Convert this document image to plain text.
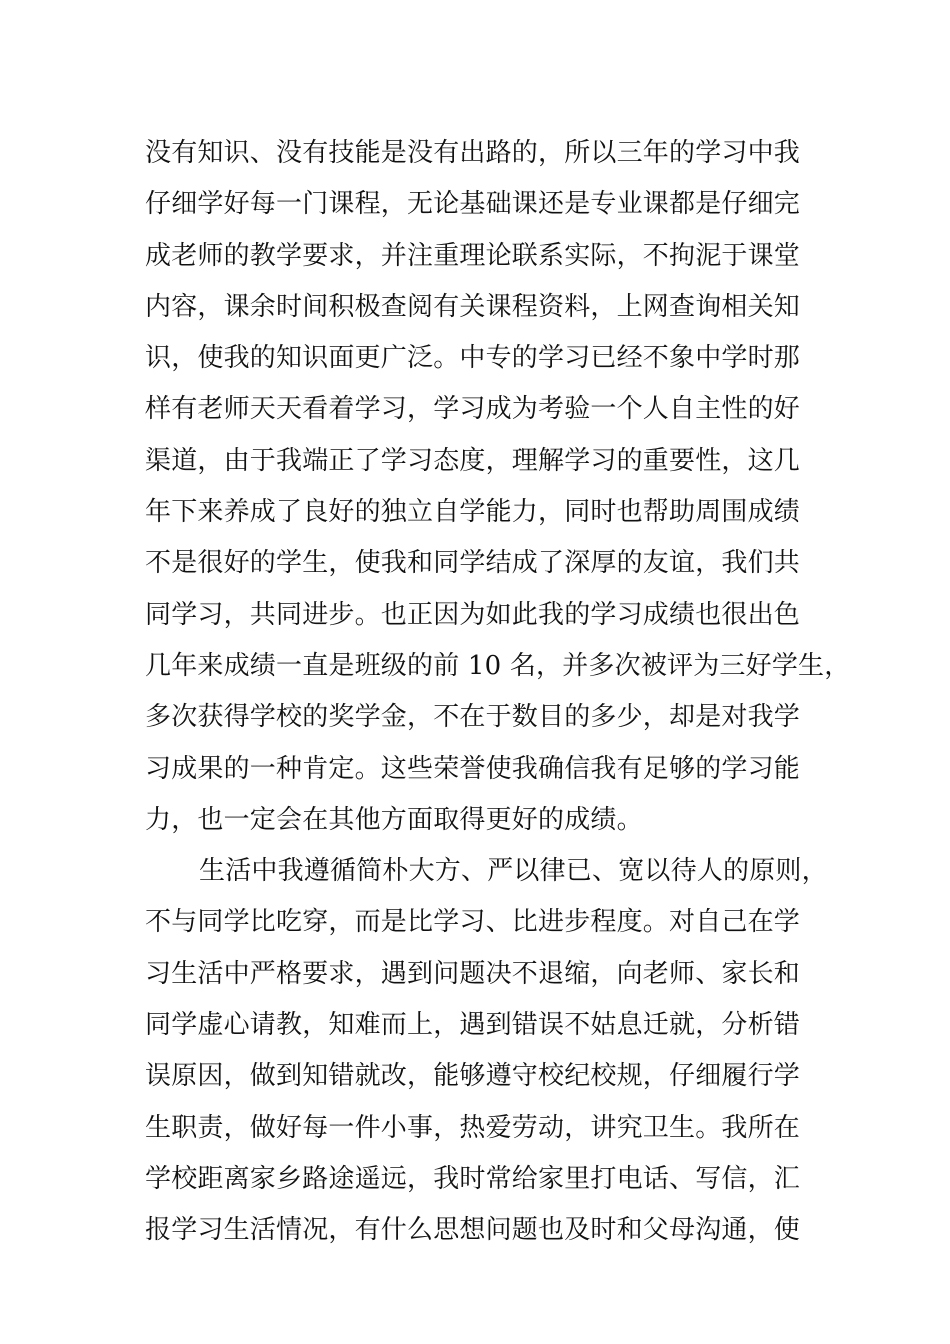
没有知识、没有技能是没有出路的，所以三年的学习中我
仔细学好每一门课程，无论基础课还是专业课都是仔细完
成老师的教学要求，并注重理论联系实际，不拘泥于课堂
内容，课余时间积极查阅有关课程资料，上网查询相关知
识，使我的知识面更广泛。中专的学习已经不象中学时那
样有老师天天看着学习，学习成为考验一个人自主性的好
渠道，由于我端正了学习态度，理解学习的重要性，这几
年下来养成了良好的独立自学能力，同时也帮助周围成绩
不是很好的学生，使我和同学结成了深厚的友谊，我们共
同学习，共同进步。也正因为如此我的学习成绩也很出色
几年来成绩一直是班级的前 10 名，并多次被评为三好学生，
多次获得学校的奖学金，不在于数目的多少，却是对我学
习成果的一种肯定。这些荣誉使我确信我有足够的学习能
力，也一定会在其他方面取得更好的成绩。
生活中我遵循简朴大方、严以律已、宽以待人的原则，
不与同学比吃穿，而是比学习、比进步程度。对自己在学
习生活中严格要求，遇到问题决不退缩，向老师、家长和
同学虚心请教，知难而上，遇到错误不姑息迁就，分析错
误原因，做到知错就改，能够遵守校纪校规，仔细履行学
生职责，做好每一件小事，热爱劳动，讲究卫生。我所在
学校距离家乡路途遥远，我时常给家里打电话、写信，汇
报学习生活情况，有什么思想问题也及时和父母沟通，使
